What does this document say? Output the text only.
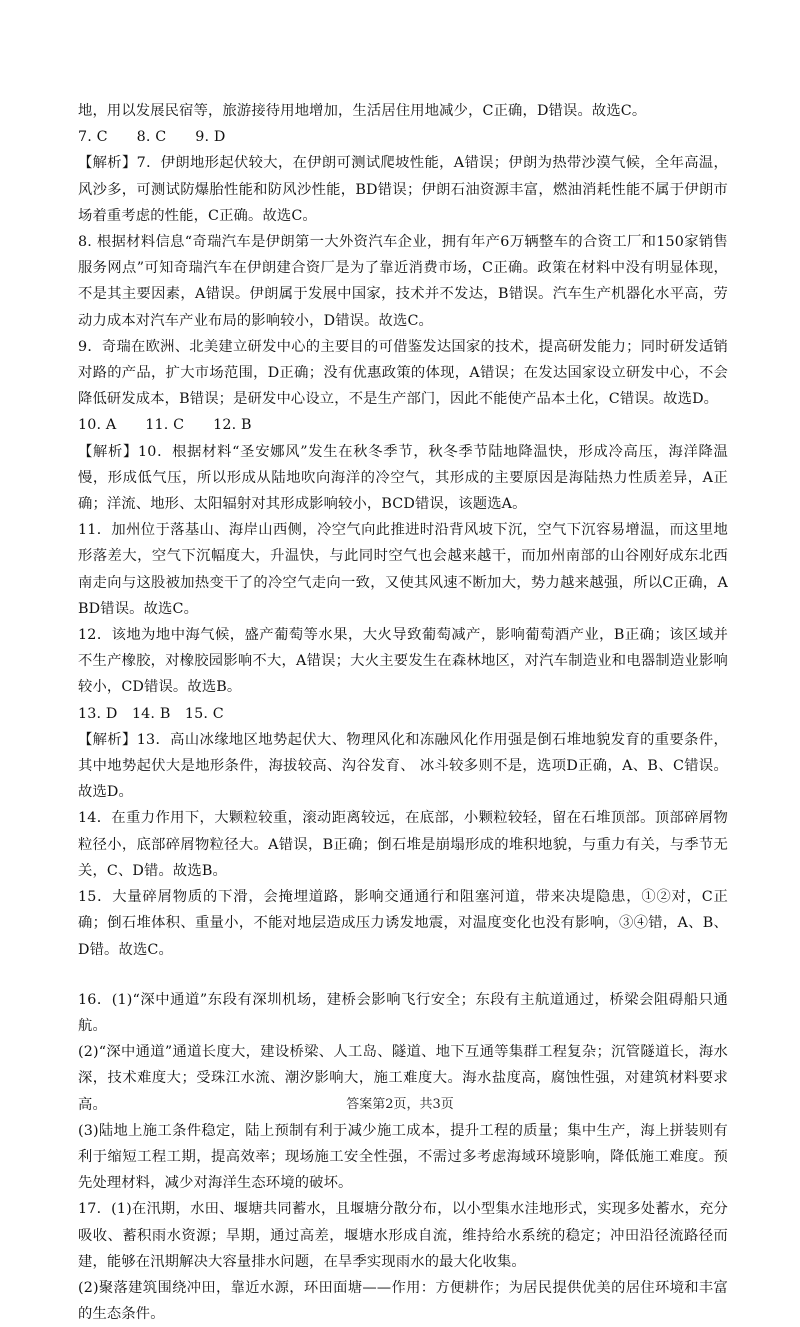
地，用以发展民宿等，旅游接待用地增加，生活居住用地减少，C正确，D错误。故选C。

7. C　　8. C　　9. D

【解析】7．伊朗地形起伏较大，在伊朗可测试爬坡性能，A错误；伊朗为热带沙漠气候，全年高温，风沙多，可测试防爆胎性能和防风沙性能，BD错误；伊朗石油资源丰富，燃油消耗性能不属于伊朗市场着重考虑的性能，C正确。故选C。

8. 根据材料信息“奇瑞汽车是伊朗第一大外资汽车企业，拥有年产6万辆整车的合资工厂和150家销售服务网点”可知奇瑞汽车在伊朗建合资厂是为了靠近消费市场，C正确。政策在材料中没有明显体现，不是其主要因素，A错误。伊朗属于发展中国家，技术并不发达，B错误。汽车生产机器化水平高，劳动力成本对汽车产业布局的影响较小，D错误。故选C。

9．奇瑞在欧洲、北美建立研发中心的主要目的可借鉴发达国家的技术，提高研发能力；同时研发适销对路的产品，扩大市场范围，D正确；没有优惠政策的体现，A错误；在发达国家设立研发中心，不会降低研发成本，B错误；是研发中心设立，不是生产部门，因此不能使产品本土化，C错误。故选D。

10. A　　11. C　　12. B

【解析】10．根据材料“圣安娜风”发生在秋冬季节，秋冬季节陆地降温快，形成冷高压，海洋降温慢，形成低气压，所以形成从陆地吹向海洋的冷空气，其形成的主要原因是海陆热力性质差异，A正确；洋流、地形、太阳辐射对其形成影响较小，BCD错误，该题选A。

11．加州位于落基山、海岸山西侧，冷空气向此推进时沿背风坡下沉，空气下沉容易增温，而这里地形落差大，空气下沉幅度大，升温快，与此同时空气也会越来越干，而加州南部的山谷刚好成东北西南走向与这股被加热变干了的冷空气走向一致，又使其风速不断加大，势力越来越强，所以C正确，ABD错误。故选C。

12．该地为地中海气候，盛产葡萄等水果，大火导致葡萄减产，影响葡萄酒产业，B正确；该区域并不生产橡胶，对橡胶园影响不大，A错误；大火主要发生在森林地区，对汽车制造业和电器制造业影响较小，CD错误。故选B。

13. D　14. B　15. C

【解析】13．高山冰缘地区地势起伏大、物理风化和冻融风化作用强是倒石堆地貌发育的重要条件，其中地势起伏大是地形条件，海拔较高、沟谷发育、 冰斗较多则不是，选项D正确，A、B、C错误。故选D。

14．在重力作用下，大颗粒较重，滚动距离较远，在底部，小颗粒较轻，留在石堆顶部。顶部碎屑物粒径小，底部碎屑物粒径大。A错误，B正确；倒石堆是崩塌形成的堆积地貌，与重力有关，与季节无关，C、D错。故选B。

15．大量碎屑物质的下滑，会掩埋道路，影响交通通行和阻塞河道，带来决堤隐患，①②对，C正确；倒石堆体积、重量小，不能对地层造成压力诱发地震，对温度变化也没有影响，③④错，A、B、D错。故选C。

16．(1)“深中通道”东段有深圳机场，建桥会影响飞行安全；东段有主航道通过，桥梁会阻碍船只通航。

(2)“深中通道”通道长度大，建设桥梁、人工岛、隧道、地下互通等集群工程复杂；沉管隧道长，海水深，技术难度大；受珠江水流、潮汐影响大，施工难度大。海水盐度高，腐蚀性强，对建筑材料要求高。

(3)陆地上施工条件稳定，陆上预制有利于减少施工成本，提升工程的质量；集中生产，海上拼装则有利于缩短工程工期，提高效率；现场施工安全性强，不需过多考虑海域环境影响，降低施工难度。预先处理材料，减少对海洋生态环境的破坏。

17．(1)在汛期，水田、堰塘共同蓄水，且堰塘分散分布，以小型集水洼地形式，实现多处蓄水，充分吸收、蓄积雨水资源；旱期，通过高差，堰塘水形成自流，维持给水系统的稳定；冲田沿径流路径而建，能够在汛期解决大容量排水问题，在旱季实现雨水的最大化收集。

(2)聚落建筑围绕冲田，靠近水源，环田面塘——作用：方便耕作；为居民提供优美的居住环境和丰富的生态条件。

答案第2页，共3页
